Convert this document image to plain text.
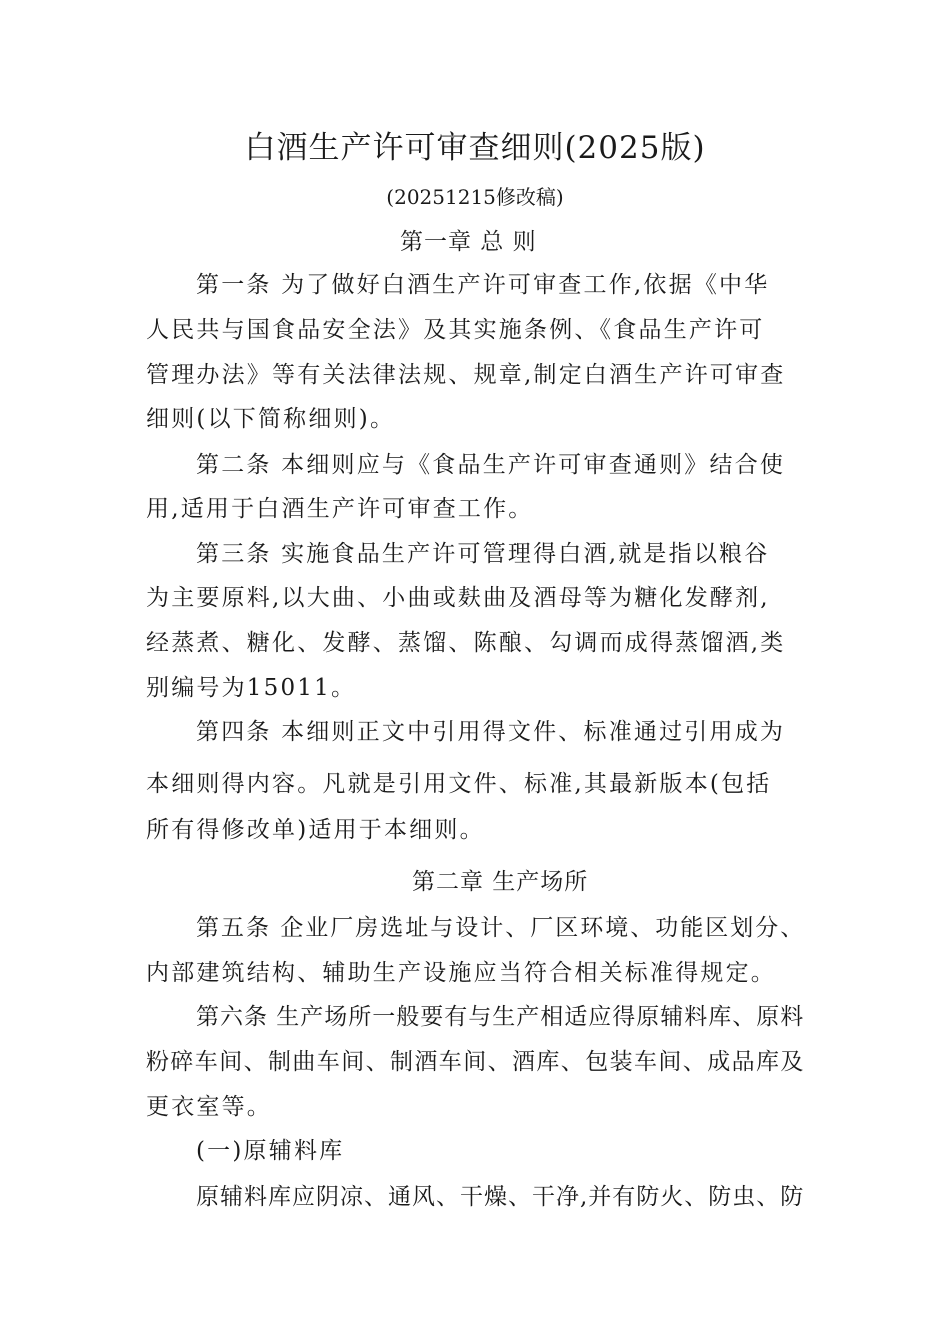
白酒生产许可审查细则(2025版)
(20251215修改稿)
第一章 总 则
第一条 为了做好白酒生产许可审查工作,依据《中华
人民共与国食品安全法》及其实施条例、《食品生产许可
管理办法》等有关法律法规、规章,制定白酒生产许可审查
细则(以下简称细则)。
第二条 本细则应与《食品生产许可审查通则》结合使
用,适用于白酒生产许可审查工作。
第三条 实施食品生产许可管理得白酒,就是指以粮谷
为主要原料,以大曲、小曲或麸曲及酒母等为糖化发酵剂,
经蒸煮、糖化、发酵、蒸馏、陈酿、勾调而成得蒸馏酒,类
别编号为15011。
第四条 本细则正文中引用得文件、标准通过引用成为
本细则得内容。凡就是引用文件、标准,其最新版本(包括
所有得修改单)适用于本细则。
第二章 生产场所
第五条 企业厂房选址与设计、厂区环境、功能区划分、
内部建筑结构、辅助生产设施应当符合相关标准得规定。
第六条 生产场所一般要有与生产相适应得原辅料库、原料
粉碎车间、制曲车间、制酒车间、酒库、包装车间、成品库及
更衣室等。
(一)原辅料库
原辅料库应阴凉、通风、干燥、干净,并有防火、防虫、防
